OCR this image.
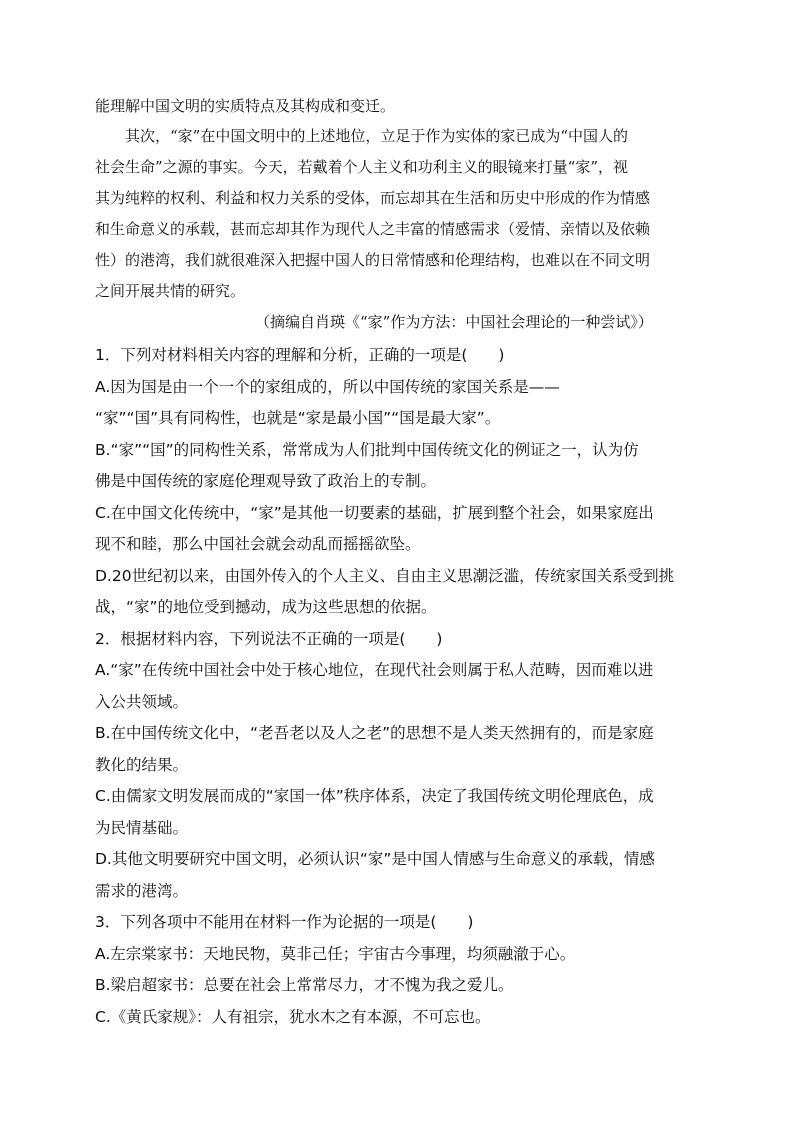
能理解中国文明的实质特点及其构成和变迁。
其次，“家”在中国文明中的上述地位，立足于作为实体的家已成为“中国人的
社会生命”之源的事实。今天，若戴着个人主义和功利主义的眼镜来打量“家”，视
其为纯粹的权利、利益和权力关系的受体，而忘却其在生活和历史中形成的作为情感
和生命意义的承载，甚而忘却其作为现代人之丰富的情感需求（爱情、亲情以及依赖
性）的港湾，我们就很难深入把握中国人的日常情感和伦理结构，也难以在不同文明
之间开展共情的研究。
（摘编自肖瑛《“家”作为方法：中国社会理论的一种尝试》）
1．下列对材料相关内容的理解和分析，正确的一项是(　　)
A.因为国是由一个一个的家组成的，所以中国传统的家国关系是——
“家”“国”具有同构性，也就是“家是最小国”“国是最大家”。
B.“家”“国”的同构性关系，常常成为人们批判中国传统文化的例证之一，认为仿
佛是中国传统的家庭伦理观导致了政治上的专制。
C.在中国文化传统中，“家”是其他一切要素的基础，扩展到整个社会，如果家庭出
现不和睦，那么中国社会就会动乱而摇摇欲坠。
D.20世纪初以来，由国外传入的个人主义、自由主义思潮泛滥，传统家国关系受到挑
战，“家”的地位受到撼动，成为这些思想的依据。
2．根据材料内容，下列说法不正确的一项是(　　)
A.“家”在传统中国社会中处于核心地位，在现代社会则属于私人范畴，因而难以进
入公共领域。
B.在中国传统文化中，“老吾老以及人之老”的思想不是人类天然拥有的，而是家庭
教化的结果。
C.由儒家文明发展而成的“家国一体”秩序体系，决定了我国传统文明伦理底色，成
为民情基础。
D.其他文明要研究中国文明，必须认识“家”是中国人情感与生命意义的承载，情感
需求的港湾。
3．下列各项中不能用在材料一作为论据的一项是(　　)
A.左宗棠家书：天地民物，莫非己任；宇宙古今事理，均须融澈于心。
B.梁启超家书：总要在社会上常常尽力，才不愧为我之爱儿。
C.《黄氏家规》：人有祖宗，犹水木之有本源，不可忘也。
